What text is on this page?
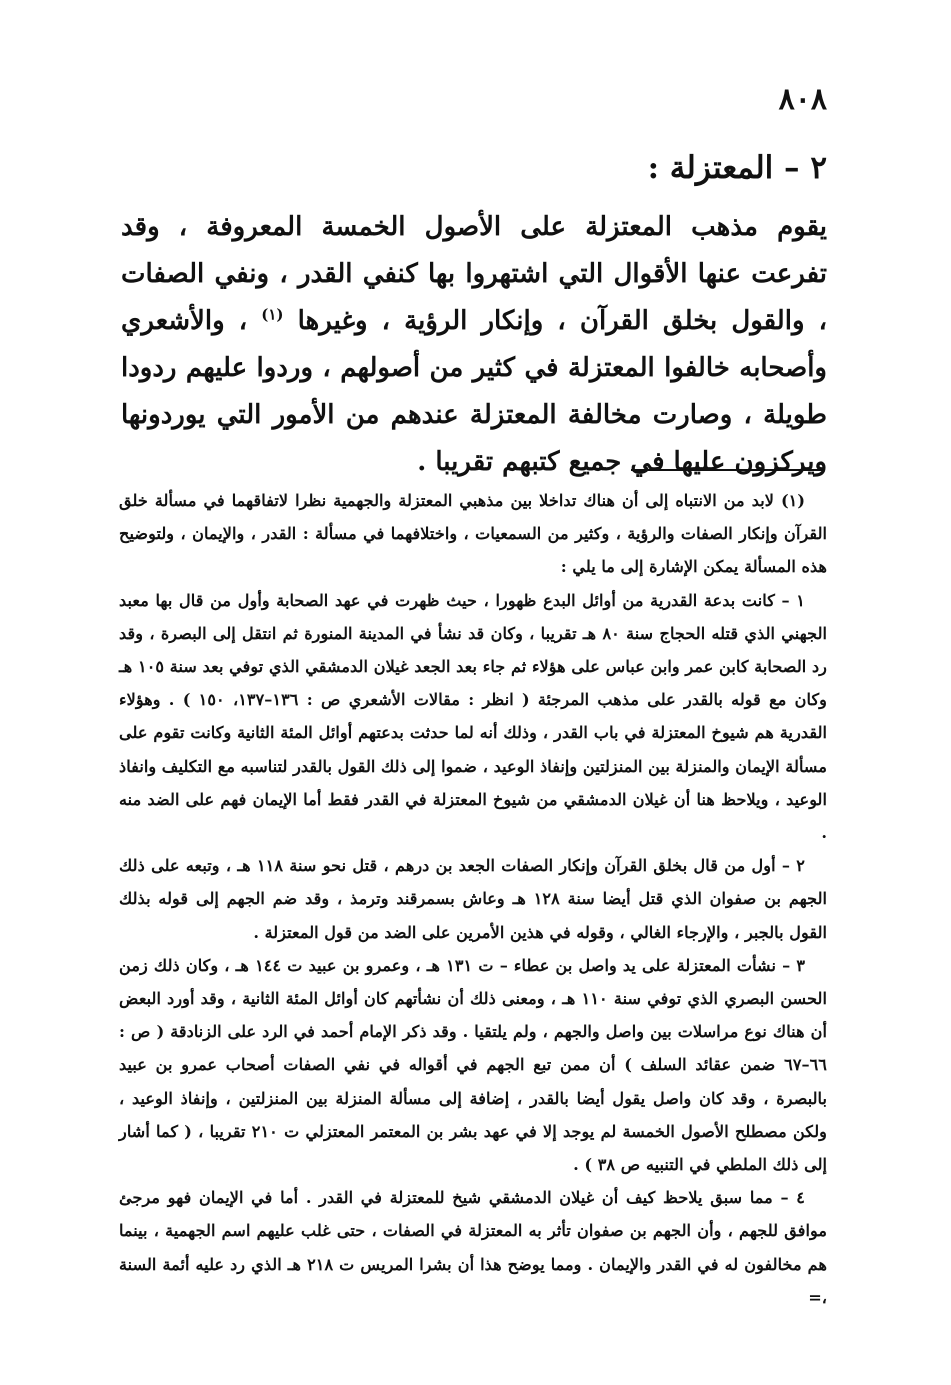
٨٠٨
٢ – المعتزلة :

يقوم مذهب المعتزلة على الأصول الخمسة المعروفة ، وقد تفرعت عنها الأقوال التي اشتهروا بها كنفي القدر ، ونفي الصفات ، والقول بخلق القرآن ، وإنكار الرؤية ، وغيرها $^{(١)}$ ، والأشعري وأصحابه خالفوا المعتزلة في كثير من أصولهم ، وردوا عليهم ردودا طويلة ، وصارت مخالفة المعتزلة عندهم من الأمور التي يوردونها ويركزون عليها في جميع كتبهم تقريبا .

(١) لابد من الانتباه إلى أن هناك تداخلا بين مذهبي المعتزلة والجهمية نظرا لاتفاقهما في مسألة خلق القرآن وإنكار الصفات والرؤية ، وكثير من السمعيات ، واختلافهما في مسألة : القدر ، والإيمان ، ولتوضيح هذه المسألة يمكن الإشارة إلى ما يلي :

١ – كانت بدعة القدرية من أوائل البدع ظهورا ، حيث ظهرت في عهد الصحابة وأول من قال بها معبد الجهني الذي قتله الحجاج سنة ٨٠ هـ تقريبا ، وكان قد نشأ في المدينة المنورة ثم انتقل إلى البصرة ، وقد رد الصحابة كابن عمر وابن عباس على هؤلاء ثم جاء بعد الجعد غيلان الدمشقي الذي توفي بعد سنة ١٠٥ هـ وكان مع قوله بالقدر على مذهب المرجئة ( انظر : مقالات الأشعري ص : ١٣٦–١٣٧، ١٥٠ ) . وهؤلاء القدرية هم شيوخ المعتزلة في باب القدر ، وذلك أنه لما حدثت بدعتهم أوائل المئة الثانية وكانت تقوم على مسألة الإيمان والمنزلة بين المنزلتين وإنفاذ الوعيد ، ضموا إلى ذلك القول بالقدر لتناسبه مع التكليف وانفاذ الوعيد ، ويلاحظ هنا أن غيلان الدمشقي من شيوخ المعتزلة في القدر فقط أما الإيمان فهم على الضد منه .

٢ – أول من قال بخلق القرآن وإنكار الصفات الجعد بن درهم ، قتل نحو سنة ١١٨ هـ ، وتبعه على ذلك الجهم بن صفوان الذي قتل أيضا سنة ١٢٨ هـ وعاش بسمرقند وترمذ ، وقد ضم الجهم إلى قوله بذلك القول بالجبر ، والإرجاء الغالي ، وقوله في هذين الأمرين على الضد من قول المعتزلة .

٣ – نشأت المعتزلة على يد واصل بن عطاء – ت ١٣١ هـ ، وعمرو بن عبيد ت ١٤٤ هـ ، وكان ذلك زمن الحسن البصري الذي توفي سنة ١١٠ هـ ، ومعنى ذلك أن نشأتهم كان أوائل المئة الثانية ، وقد أورد البعض أن هناك نوع مراسلات بين واصل والجهم ، ولم يلتقيا . وقد ذكر الإمام أحمد في الرد على الزنادقة ( ص : ٦٦–٦٧ ضمن عقائد السلف ) أن ممن تبع الجهم في أقواله في نفي الصفات أصحاب عمرو بن عبيد بالبصرة ، وقد كان واصل يقول أيضا بالقدر ، إضافة إلى مسألة المنزلة بين المنزلتين ، وإنفاذ الوعيد ، ولكن مصطلح الأصول الخمسة لم يوجد إلا في عهد بشر بن المعتمر المعتزلي ت ٢١٠ تقريبا ، ( كما أشار إلى ذلك الملطي في التنبيه ص ٣٨ ) .

٤ – مما سبق يلاحظ كيف أن غيلان الدمشقي شيخ للمعتزلة في القدر . أما في الإيمان فهو مرجئ موافق للجهم ، وأن الجهم بن صفوان تأثر به المعتزلة في الصفات ، حتى غلب عليهم اسم الجهمية ، بينما هم مخالفون له في القدر والإيمان . ومما يوضح هذا أن بشرا المريس ت ٢١٨ هـ الذي رد عليه أئمة السنة ،=
